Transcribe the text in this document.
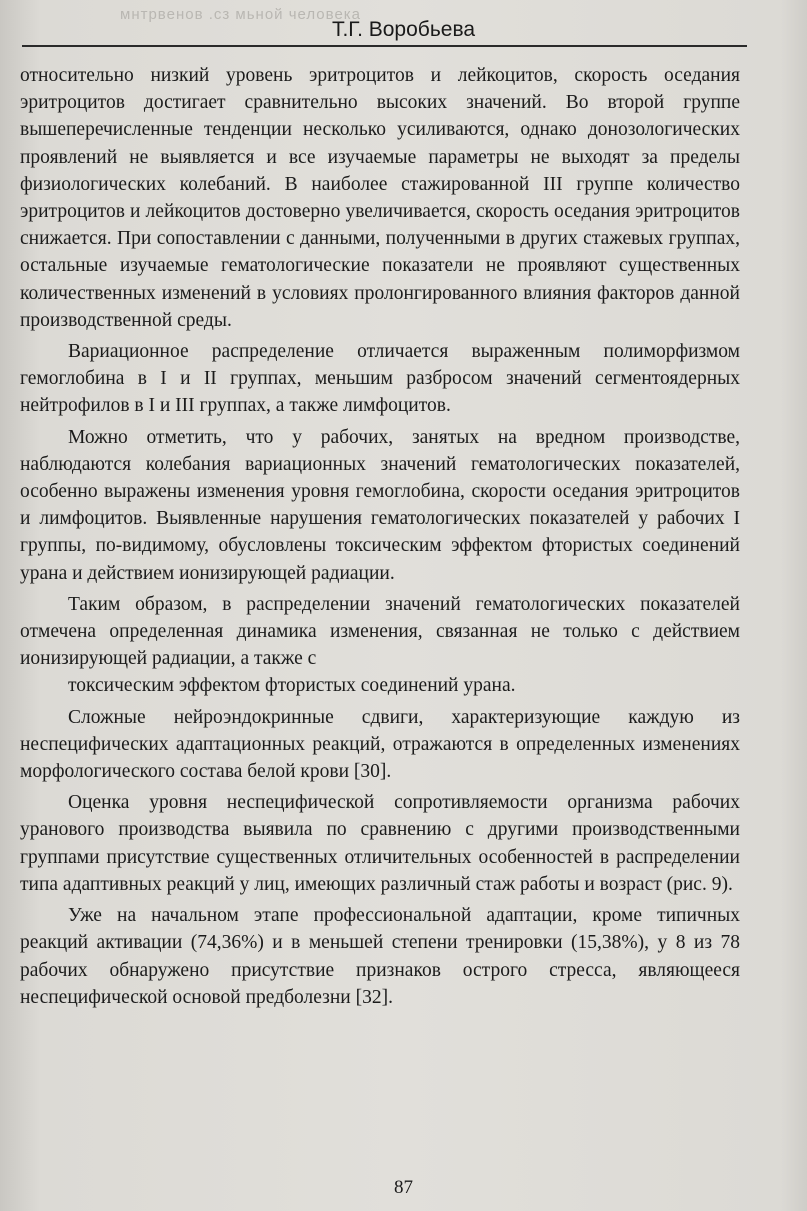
мнтрвенов .сз мьной человека
Т.Г. Воробьева

относительно низкий уровень эритроцитов и лейкоцитов, скорость оседания эритроцитов достигает сравнительно высоких значений. Во второй группе вышеперечисленные тенденции несколько усиливаются, однако донозологических проявлений не выявляется и все изучаемые параметры не выходят за пределы физиологических колебаний. В наиболее стажированной III группе количество эритроцитов и лейкоцитов достоверно увеличивается, скорость оседания эритроцитов снижается. При сопоставлении с данными, полученными в других стажевых группах, остальные изучаемые гематологические показатели не проявляют существенных количественных изменений в условиях пролонгированного влияния факторов данной производственной среды.

Вариационное распределение отличается выраженным полиморфизмом гемоглобина в I и II группах, меньшим разбросом значений сегментоядерных нейтрофилов в I и III группах, а также лимфоцитов.

Можно отметить, что у рабочих, занятых на вредном производстве, наблюдаются колебания вариационных значений гематологических показателей, особенно выражены изменения уровня гемоглобина, скорости оседания эритроцитов и лимфоцитов. Выявленные нарушения гематологических показателей у рабочих I группы, по-видимому, обусловлены токсическим эффектом фтористых соединений урана и действием ионизирующей радиации.

Таким образом, в распределении значений гематологических показателей отмечена определенная динамика изменения, связанная не только с действием ионизирующей радиации, а также с

токсическим эффектом фтористых соединений урана.

Сложные нейроэндокринные сдвиги, характеризующие каждую из неспецифических адаптационных реакций, отражаются в определенных изменениях морфологического состава белой крови [30].

Оценка уровня неспецифической сопротивляемости организма рабочих уранового производства выявила по сравнению с другими производственными группами присутствие существенных отличительных особенностей в распределении типа адаптивных реакций у лиц, имеющих различный стаж работы и возраст (рис. 9).

Уже на начальном этапе профессиональной адаптации, кроме типичных реакций активации (74,36%) и в меньшей степени тренировки (15,38%), у 8 из 78 рабочих обнаружено присутствие признаков острого стресса, являющееся неспецифической основой предболезни [32].

87
